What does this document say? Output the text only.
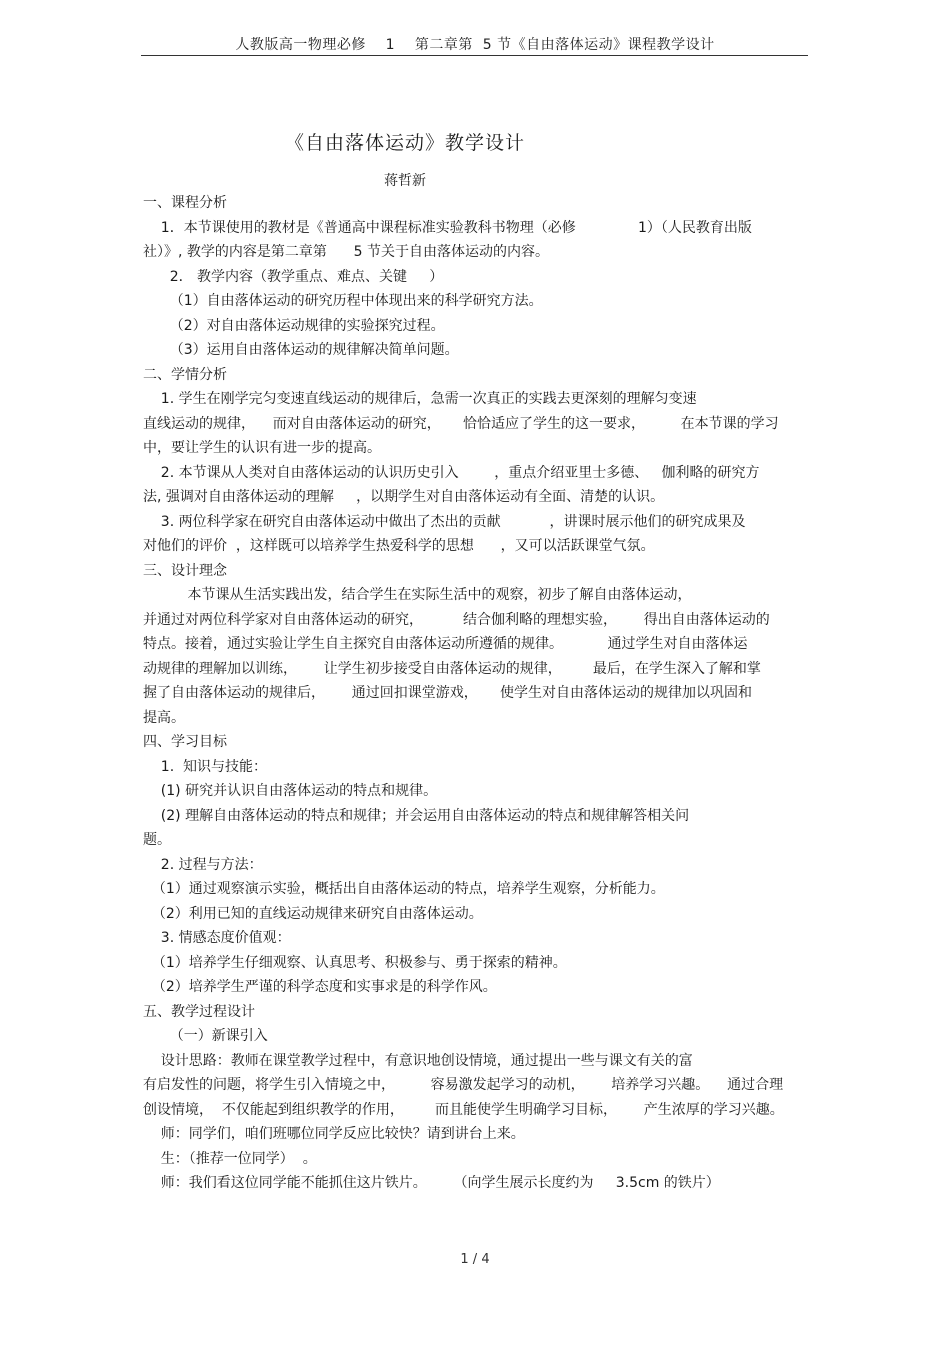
人教版高一物理必修    1    第二章第  5 节《自由落体运动》课程教学设计
《自由落体运动》教学设计
蒋哲新
一、课程分析
1．本节课使用的教材是《普通高中课程标准实验教科书物理（必修              1）（人民教育出版
社）》, 教学的内容是第二章第      5 节关于自由落体运动的内容。
2． 教学内容（教学重点、难点、关键     ）
（1）自由落体运动的研究历程中体现出来的科学研究方法。
（2）对自由落体运动规律的实验探究过程。
（3）运用自由落体运动的规律解决简单问题。
二、学情分析
1. 学生在刚学完匀变速直线运动的规律后，急需一次真正的实践去更深刻的理解匀变速
直线运动的规律，    而对自由落体运动的研究，     恰恰适应了学生的这一要求，        在本节课的学习
中，要让学生的认识有进一步的提高。
2. 本节课从人类对自由落体运动的认识历史引入        ，重点介绍亚里士多德、   伽利略的研究方
法, 强调对自由落体运动的理解     ，以期学生对自由落体运动有全面、清楚的认识。
3. 两位科学家在研究自由落体运动中做出了杰出的贡献           ，讲课时展示他们的研究成果及
对他们的评价  ，这样既可以培养学生热爱科学的思想      ，又可以活跃课堂气氛。
三、设计理念
本节课从生活实践出发，结合学生在实际生活中的观察，初步了解自由落体运动，
并通过对两位科学家对自由落体运动的研究，         结合伽利略的理想实验，      得出自由落体运动的
特点。接着，通过实验让学生自主探究自由落体运动所遵循的规律。          通过学生对自由落体运
动规律的理解加以训练，      让学生初步接受自由落体运动的规律，       最后，在学生深入了解和掌
握了自由落体运动的规律后，      通过回扣课堂游戏，     使学生对自由落体运动的规律加以巩固和
提高。
四、学习目标
1.  知识与技能：
(1) 研究并认识自由落体运动的特点和规律。
(2) 理解自由落体运动的特点和规律；并会运用自由落体运动的特点和规律解答相关问
题。
2. 过程与方法：
（1）通过观察演示实验，概括出自由落体运动的特点，培养学生观察，分析能力。
（2）利用已知的直线运动规律来研究自由落体运动。
3. 情感态度价值观：
（1）培养学生仔细观察、认真思考、积极参与、勇于探索的精神。
（2）培养学生严谨的科学态度和实事求是的科学作风。
五、教学过程设计
（一）新课引入
设计思路：教师在课堂教学过程中，有意识地创设情境，通过提出一些与课文有关的富
有启发性的问题，将学生引入情境之中，        容易激发起学习的动机，      培养学习兴趣。    通过合理
创设情境，  不仅能起到组织教学的作用，       而且能使学生明确学习目标，      产生浓厚的学习兴趣。
师：同学们，咱们班哪位同学反应比较快？请到讲台上来。
生：（推荐一位同学）  。
师：我们看这位同学能不能抓住这片铁片。      （向学生展示长度约为     3.5cm 的铁片）
1 / 4
